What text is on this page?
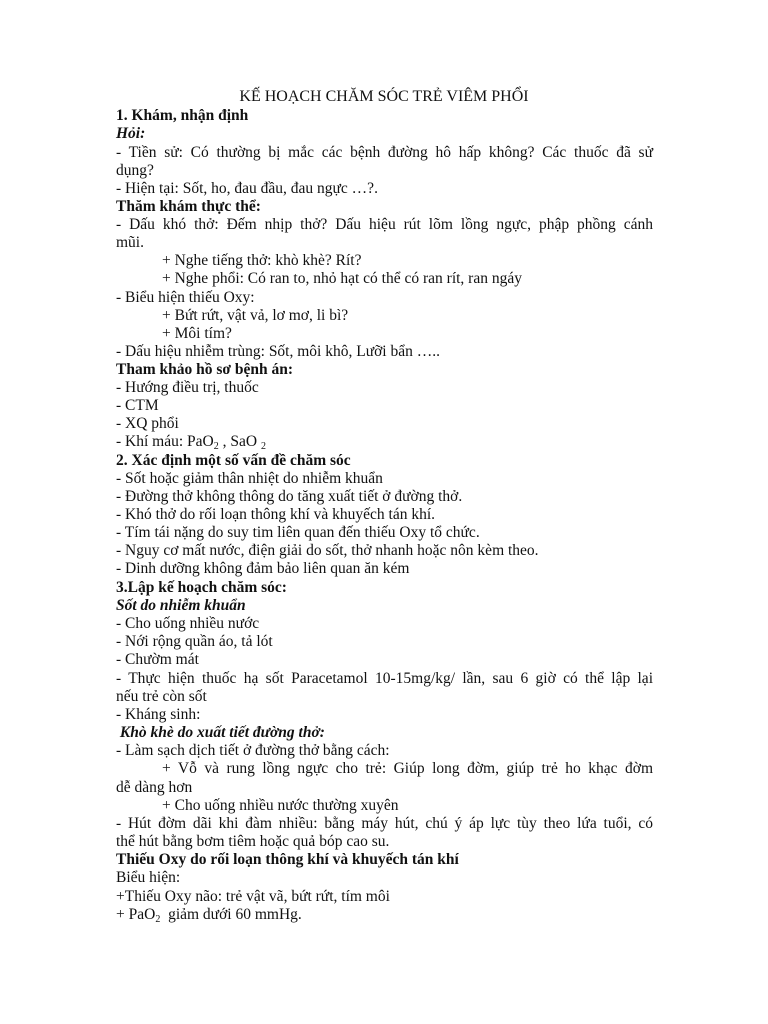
KẾ HOẠCH CHĂM SÓC TRẺ VIÊM PHỔI
1. Khám, nhận định
Hỏi:
- Tiền sử: Có thường bị mắc các bệnh đường hô hấp không? Các thuốc đã sử
dụng?
- Hiện tại: Sốt, ho, đau đầu, đau ngực …?.
Thăm khám thực thể:
- Dấu khó thở: Đếm nhịp thở? Dấu hiệu rút lõm lồng ngực, phập phồng cánh
mũi.
+ Nghe tiếng thở: khò khè? Rít?
+ Nghe phổi: Có ran to, nhỏ hạt có thể có ran rít, ran ngáy
- Biểu hiện thiếu Oxy:
+ Bứt rứt, vật vả, lơ mơ, li bì?
+ Môi tím?
- Dấu hiệu nhiễm trùng: Sốt, môi khô, Lưỡi bẩn …..
Tham khảo hồ sơ bệnh án:
- Hướng điều trị, thuốc
- CTM
- XQ phổi
- Khí máu: PaO$_2$ , SaO $_2$
2. Xác định một số vấn đề chăm sóc
- Sốt hoặc giảm thân nhiệt do nhiễm khuẩn
- Đường thở không thông do tăng xuất tiết ở đường thở.
- Khó thở do rối loạn thông khí và khuyếch tán khí.
- Tím tái nặng do suy tim liên quan đến thiếu Oxy tổ chức.
- Nguy cơ mất nước, điện giải do sốt, thở nhanh hoặc nôn kèm theo.
- Dinh dưỡng không đảm bảo liên quan ăn kém
3.Lập kế hoạch chăm sóc:
Sốt do nhiễm khuẩn
- Cho uống nhiều nước
- Nới rộng quần áo, tả lót
- Chườm mát
- Thực hiện thuốc hạ sốt Paracetamol 10-15mg/kg/ lần, sau 6 giờ có thể lập lại
nếu trẻ còn sốt
- Kháng sinh:
Khò khè do xuất tiết đường thở:
- Làm sạch dịch tiết ở đường thở bằng cách:
+ Vỗ và rung lồng ngực cho trẻ: Giúp long đờm, giúp trẻ ho khạc đờm
dễ dàng hơn
+ Cho uống nhiều nước thường xuyên
- Hút đờm dãi khi đàm nhiều: bằng máy hút, chú ý áp lực tùy theo lứa tuổi, có
thể hút bằng bơm tiêm hoặc quả bóp cao su.
Thiếu Oxy do rối loạn thông khí và khuyếch tán khí
Biểu hiện:
+Thiếu Oxy não: trẻ vật vã, bứt rứt, tím môi
+ PaO$_2$  giảm dưới 60 mmHg.
